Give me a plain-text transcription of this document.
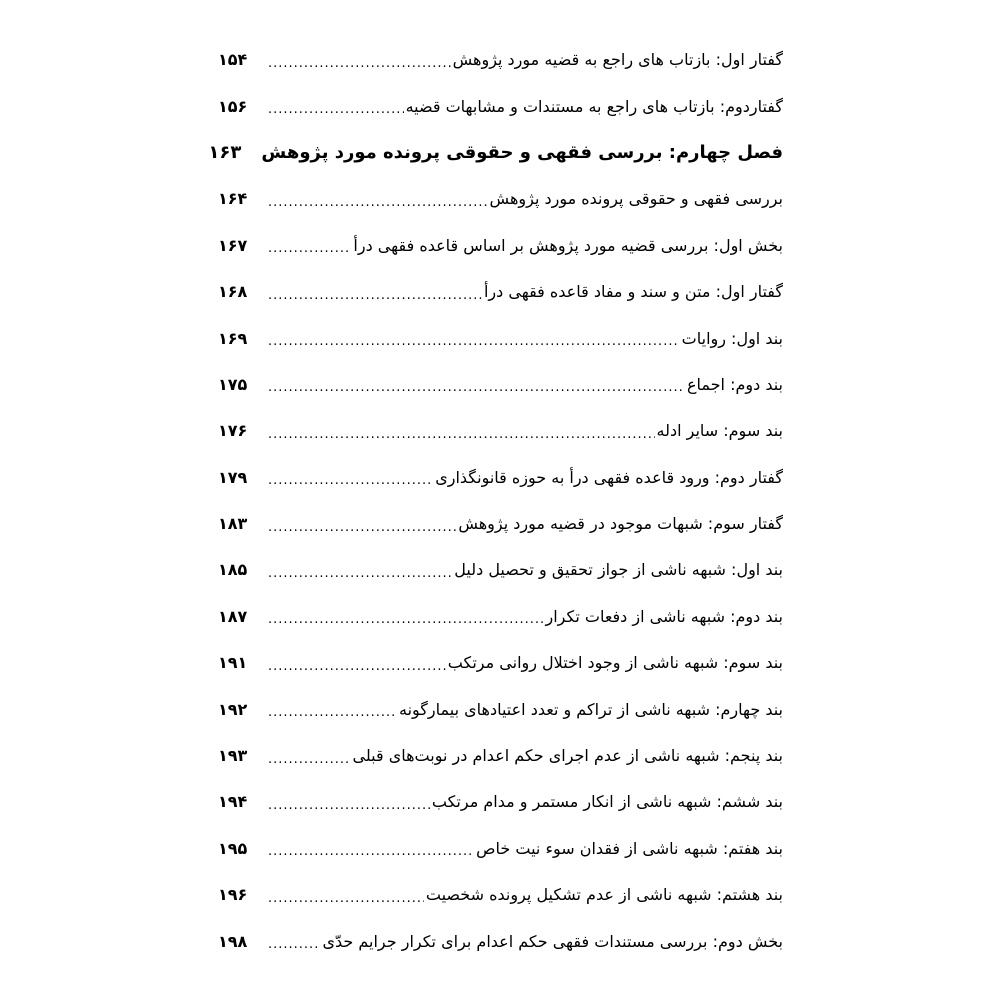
گفتار اول: بازتاب های راجع به قضیه مورد پژوهش
.....
۱۵۴
گفتاردوم: بازتاب های راجع به مستندات و مشابهات قضیه
.....
۱۵۶
فصل چهارم: بررسی فقهی و حقوقی پرونده مورد پژوهش
.....
۱۶۳
بررسی فقهی و حقوقی پرونده مورد پژوهش
.....
۱۶۴
بخش اول: بررسی قضیه مورد پژوهش بر اساس قاعده فقهی درأ
.....
۱۶۷
گفتار اول: متن و سند و مفاد قاعده فقهی درأ
.....
۱۶۸
بند اول: روایات
.....
۱۶۹
بند دوم: اجماع
.....
۱۷۵
بند سوم: سایر ادله
.....
۱۷۶
گفتار دوم: ورود قاعده فقهی درأ به حوزه قانونگذاری
.....
۱۷۹
گفتار سوم: شبهات موجود در قضیه مورد پژوهش
.....
۱۸۳
بند اول: شبهه ناشی از جواز تحقیق و تحصیل دلیل
.....
۱۸۵
بند دوم: شبهه ناشی از دفعات تکرار
.....
۱۸۷
بند سوم: شبهه ناشی از وجود اختلال روانی مرتکب
.....
۱۹۱
بند چهارم: شبهه ناشی از تراکم و تعدد اعتیادهای بیمارگونه
.....
۱۹۲
بند پنجم: شبهه ناشی از عدم اجرای حکم اعدام در نوبت‌های قبلی
.....
۱۹۳
بند ششم: شبهه ناشی از انکار مستمر و مدام مرتکب
.....
۱۹۴
بند هفتم: شبهه ناشی از فقدان سوء نیت خاص
.....
۱۹۵
بند هشتم: شبهه ناشی از عدم تشکیل پرونده شخصیت
.....
۱۹۶
بخش دوم: بررسی مستندات فقهی حکم اعدام برای تکرار جرایم حدّی
.....
۱۹۸
